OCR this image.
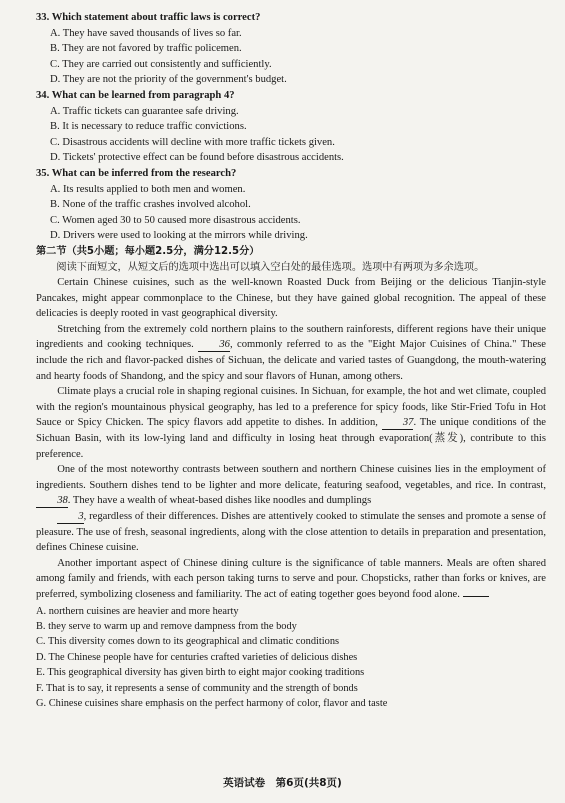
33. Which statement about traffic laws is correct?
A. They have saved thousands of lives so far.
B. They are not favored by traffic policemen.
C. They are carried out consistently and sufficiently.
D. They are not the priority of the government's budget.
34. What can be learned from paragraph 4?
A. Traffic tickets can guarantee safe driving.
B. It is necessary to reduce traffic convictions.
C. Disastrous accidents will decline with more traffic tickets given.
D. Tickets' protective effect can be found before disastrous accidents.
35. What can be inferred from the research?
A. Its results applied to both men and women.
B. None of the traffic crashes involved alcohol.
C. Women aged 30 to 50 caused more disastrous accidents.
D. Drivers were used to looking at the mirrors while driving.
第二节（共5小题；每小题2.5分，满分12.5分）
阅读下面短文，从短文后的选项中选出可以填入空白处的最佳选项。选项中有两项为多余选项。
Certain Chinese cuisines, such as the well-known Roasted Duck from Beijing or the delicious Tianjin-style Pancakes, might appear commonplace to the Chinese, but they have gained global recognition. The appeal of these delicacies is deeply rooted in vast geographical diversity.
Stretching from the extremely cold northern plains to the southern rainforests, different regions have their unique ingredients and cooking techniques. 36, commonly referred to as the "Eight Major Cuisines of China." These include the rich and flavor-packed dishes of Sichuan, the delicate and varied tastes of Guangdong, the mouth-watering and hearty foods of Shandong, and the spicy and sour flavors of Hunan, among others.
Climate plays a crucial role in shaping regional cuisines. In Sichuan, for example, the hot and wet climate, coupled with the region's mountainous physical geography, has led to a preference for spicy foods, like Stir-Fried Tofu in Hot Sauce or Spicy Chicken. The spicy flavors add appetite to dishes. In addition, 37. The unique conditions of the Sichuan Basin, with its low-lying land and difficulty in losing heat through evaporation(蒸发), contribute to this preference.
One of the most noteworthy contrasts between southern and northern Chinese cuisines lies in the employment of ingredients. Southern dishes tend to be lighter and more delicate, featuring seafood, vegetables, and rice. In contrast, 38. They have a wealth of wheat-based dishes like noodles and dumplings
3, regardless of their differences. Dishes are attentively cooked to stimulate the senses and promote a sense of pleasure. The use of fresh, seasonal ingredients, along with the close attention to details in preparation and presentation, defines Chinese cuisine.
Another important aspect of Chinese dining culture is the significance of table manners. Meals are often shared among family and friends, with each person taking turns to serve and pour. Chopsticks, rather than forks or knives, are preferred, symbolizing closeness and familiarity. The act of eating together goes beyond food alone.
A. northern cuisines are heavier and more hearty
B. they serve to warm up and remove dampness from the body
C. This diversity comes down to its geographical and climatic conditions
D. The Chinese people have for centuries crafted varieties of delicious dishes
E. This geographical diversity has given birth to eight major cooking traditions
F. That is to say, it represents a sense of community and the strength of bonds
G. Chinese cuisines share emphasis on the perfect harmony of color, flavor and taste
英语试卷　第6页(共8页)
